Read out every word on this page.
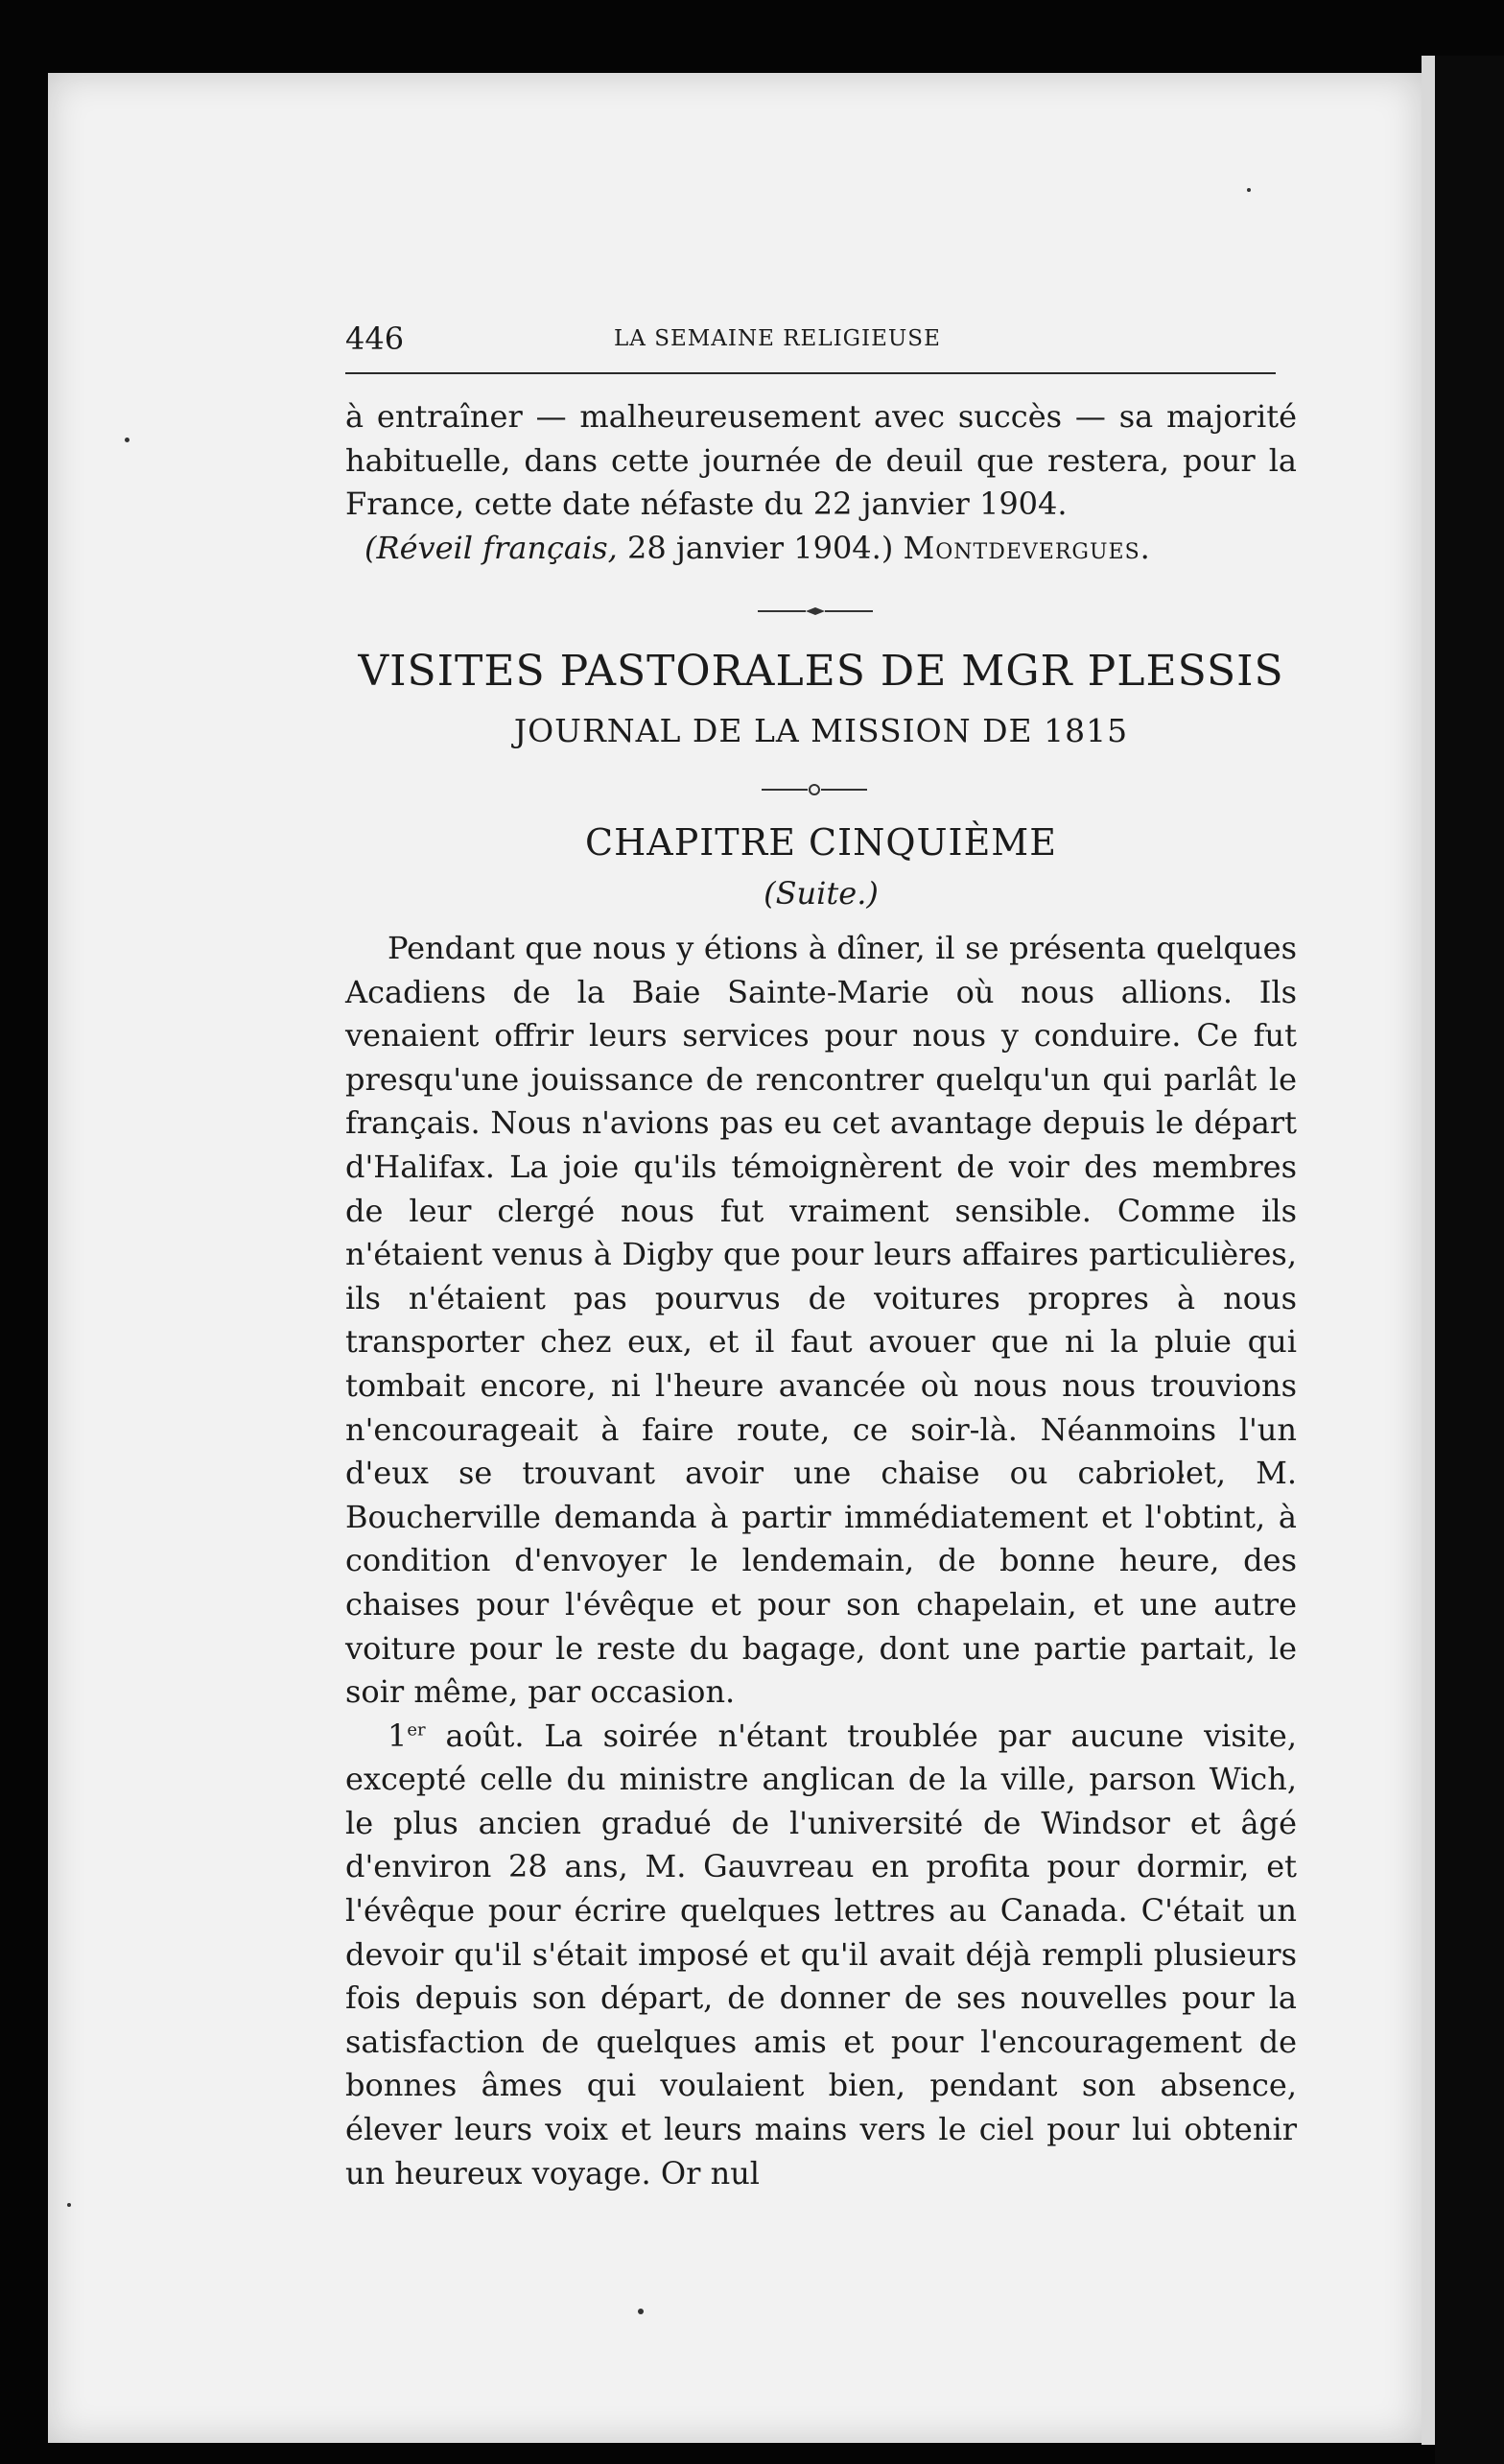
446	LA SEMAINE RELIGIEUSE

à entraîner — malheureusement avec succès — sa majorité habituelle, dans cette journée de deuil que restera, pour la France, cette date néfaste du 22 janvier 1904.

(Réveil français, 28 janvier 1904.) Montdevergues.

VISITES PASTORALES DE MGR PLESSIS
JOURNAL DE LA MISSION DE 1815
CHAPITRE CINQUIÈME
(Suite.)

Pendant que nous y étions à dîner, il se présenta quelques Acadiens de la Baie Sainte-Marie où nous allions. Ils venaient offrir leurs services pour nous y conduire. Ce fut presqu'une jouissance de rencontrer quelqu'un qui parlât le français. Nous n'avions pas eu cet avantage depuis le départ d'Halifax. La joie qu'ils témoignèrent de voir des membres de leur clergé nous fut vraiment sensible. Comme ils n'étaient venus à Digby que pour leurs affaires particulières, ils n'étaient pas pourvus de voitures propres à nous transporter chez eux, et il faut avouer que ni la pluie qui tombait encore, ni l'heure avancée où nous nous trouvions n'encourageait à faire route, ce soir-là. Néanmoins l'un d'eux se trouvant avoir une chaise ou cabriolet, M. Boucherville demanda à partir immédiatement et l'obtint, à condition d'envoyer le lendemain, de bonne heure, des chaises pour l'évêque et pour son chapelain, et une autre voiture pour le reste du bagage, dont une partie partait, le soir même, par occasion.

1er août. La soirée n'étant troublée par aucune visite, excepté celle du ministre anglican de la ville, parson Wich, le plus ancien gradué de l'université de Windsor et âgé d'environ 28 ans, M. Gauvreau en profita pour dormir, et l'évêque pour écrire quelques lettres au Canada. C'était un devoir qu'il s'était imposé et qu'il avait déjà rempli plusieurs fois depuis son départ, de donner de ses nouvelles pour la satisfaction de quelques amis et pour l'encouragement de bonnes âmes qui voulaient bien, pendant son absence, élever leurs voix et leurs mains vers le ciel pour lui obtenir un heureux voyage. Or nul
